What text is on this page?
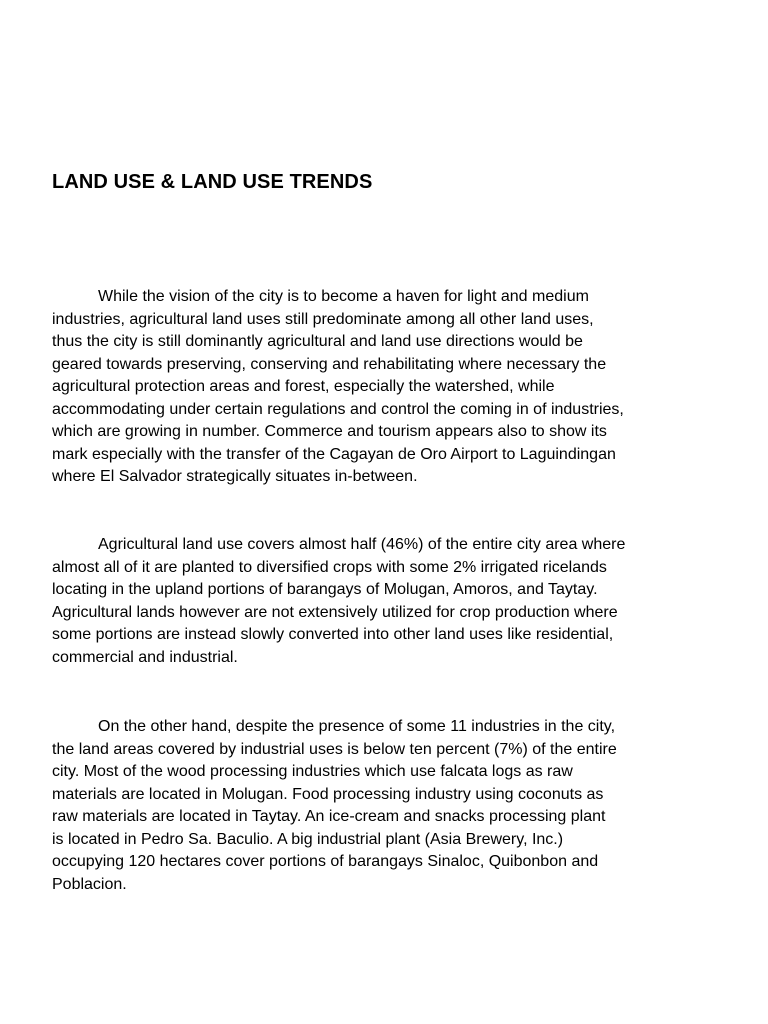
LAND USE & LAND USE TRENDS
While the vision of the city is to become a haven for light and medium
industries, agricultural land uses still predominate among all other land uses,
thus the city is still dominantly agricultural and land use directions would be
geared towards preserving, conserving and rehabilitating where necessary the
agricultural protection areas and forest, especially the watershed, while
accommodating under certain regulations and control the coming in of industries,
which are growing in number. Commerce and tourism appears also to show its
mark especially with the transfer of the Cagayan de Oro Airport to Laguindingan
where El Salvador strategically situates in-between.
Agricultural land use covers almost half (46%) of the entire city area where
almost all of it are planted to diversified crops with some 2% irrigated ricelands
locating in the upland portions of barangays of Molugan, Amoros, and Taytay.
Agricultural lands however are not extensively utilized for crop production where
some portions are instead slowly converted into other land uses like residential,
commercial and industrial.
On the other hand, despite the presence of some 11 industries in the city,
the land areas covered by industrial uses is below ten percent (7%) of the entire
city. Most of the wood processing industries which use falcata logs as raw
materials are located in Molugan. Food processing industry using coconuts as
raw materials are located in Taytay. An ice-cream and snacks processing plant
is located in Pedro Sa. Baculio. A big industrial plant (Asia Brewery, Inc.)
occupying 120 hectares cover portions of barangays Sinaloc, Quibonbon and
Poblacion.
